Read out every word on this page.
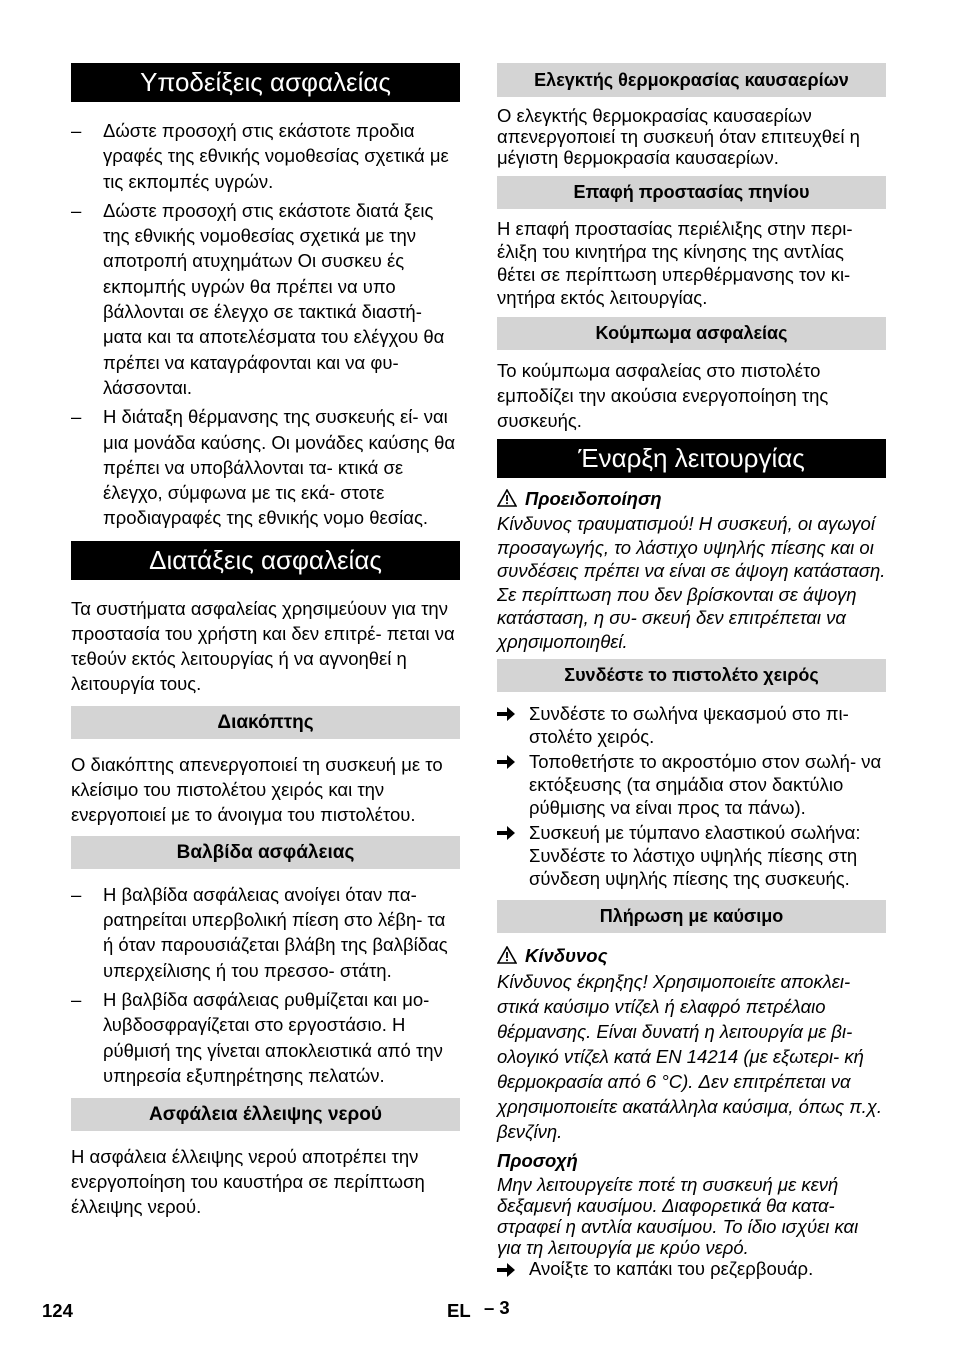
Υποδείξεις ασφαλείας
– Δώστε προσοχή στις εκάστοτε προδια γραφές της εθνικής νομοθεσίας σχετικά με τις εκπομπές υγρών.
– Δώστε προσοχή στις εκάστοτε διατά ξεις της εθνικής νομοθεσίας σχετικά με την αποτροπή ατυχημάτων Οι συσκευ ές εκπομπής υγρών θα πρέπει να υπο βάλλονται σε έλεγχο σε τακτικά διαστή- ματα και τα αποτελέσματα του ελέγχου θα πρέπει να καταγράφονται και να φυ- λάσσονται.
– Η διάταξη θέρμανσης της συσκευής εί- ναι μια μονάδα καύσης. Οι μονάδες καύσης θα πρέπει να υποβάλλονται τα- κτικά σε έλεγχο, σύμφωνα με τις εκά- στοτε προδιαγραφές της εθνικής νομο θεσίας.
Διατάξεις ασφαλείας

Τα συστήματα ασφαλείας χρησιμεύουν για την προστασία του χρήστη και δεν επιτρέ- πεται να τεθούν εκτός λειτουργίας ή να αγνοηθεί η λειτουργία τους.

Διακόπτης

Ο διακόπτης απενεργοποιεί τη συσκευή με το κλείσιμο του πιστολέτου χειρός και την ενεργοποιεί με το άνοιγμα του πιστολέτου.

Βαλβίδα ασφάλειας
– Η βαλβίδα ασφάλειας ανοίγει όταν πα- ρατηρείται υπερβολική πίεση στο λέβη- τα ή όταν παρουσιάζεται βλάβη της βαλβίδας υπερχείλισης ή του πρεσσο- στάτη.
– Η βαλβίδα ασφάλειας ρυθμίζεται και μο- λυβδοσφραγίζεται στο εργοστάσιο. Η ρύθμισή της γίνεται αποκλειστικά από την υπηρεσία εξυπηρέτησης πελατών.
Ασφάλεια έλλειψης νερού

Η ασφάλεια έλλειψης νερού αποτρέπει την ενεργοποίηση του καυστήρα σε περίπτωση έλλειψης νερού.

Ελεγκτής θερμοκρασίας καυσαερίων

Ο ελεγκτής θερμοκρασίας καυσαερίων απενεργοποιεί τη συσκευή όταν επιτευχθεί η μέγιστη θερμοκρασία καυσαερίων.

Επαφή προστασίας πηνίου

Η επαφή προστασίας περιέλιξης στην περι- έλιξη του κινητήρα της κίνησης της αντλίας θέτει σε περίπτωση υπερθέρμανσης τον κι- νητήρα εκτός λειτουργίας.

Κούμπωμα ασφαλείας

Το κούμπωμα ασφαλείας στο πιστολέτο εμποδίζει την ακούσια ενεργοποίηση της συσκευής.

Έναρξη λειτουργίας
Προειδοποίηση

Κίνδυνος τραυματισμού! Η συσκευή, οι αγωγοί προσαγωγής, το λάστιχο υψηλής πίεσης και οι συνδέσεις πρέπει να είναι σε άψογη κατάσταση. Σε περίπτωση που δεν βρίσκονται σε άψογη κατάσταση, η συ- σκευή δεν επιτρέπεται να χρησιμοποιηθεί.

Συνδέστε το πιστολέτο χειρός
Συνδέστε το σωλήνα ψεκασμού στο πι- στολέτο χειρός.
Τοποθετήστε το ακροστόμιο στον σωλή- να εκτόξευσης (τα σημάδια στον δακτύλιο ρύθμισης να είναι προς τα πάνω).
Συσκευή με τύμπανο ελαστικού σωλήνα: Συνδέστε το λάστιχο υψηλής πίεσης στη σύνδεση υψηλής πίεσης της συσκευής.
Πλήρωση με καύσιμο
Κίνδυνος

Κίνδυνος έκρηξης! Χρησιμοποιείτε αποκλει- στικά καύσιμο ντίζελ ή ελαφρό πετρέλαιο θέρμανσης. Είναι δυνατή η λειτουργία με βι- ολογικό ντίζελ κατά EN 14214 (με εξωτερι- κή θερμοκρασία από 6 °C). Δεν επιτρέπεται να χρησιμοποιείτε ακατάλληλα καύσιμα, όπως π.χ. βενζίνη.

Προσοχή

Μην λειτουργείτε ποτέ τη συσκευή με κενή δεξαμενή καυσίμου. Διαφορετικά θα κατα- στραφεί η αντλία καυσίμου. Το ίδιο ισχύει και για τη λειτουργία με κρύο νερό.

Ανοίξτε το καπάκι του ρεζερβουάρ.
124	EL – 3
